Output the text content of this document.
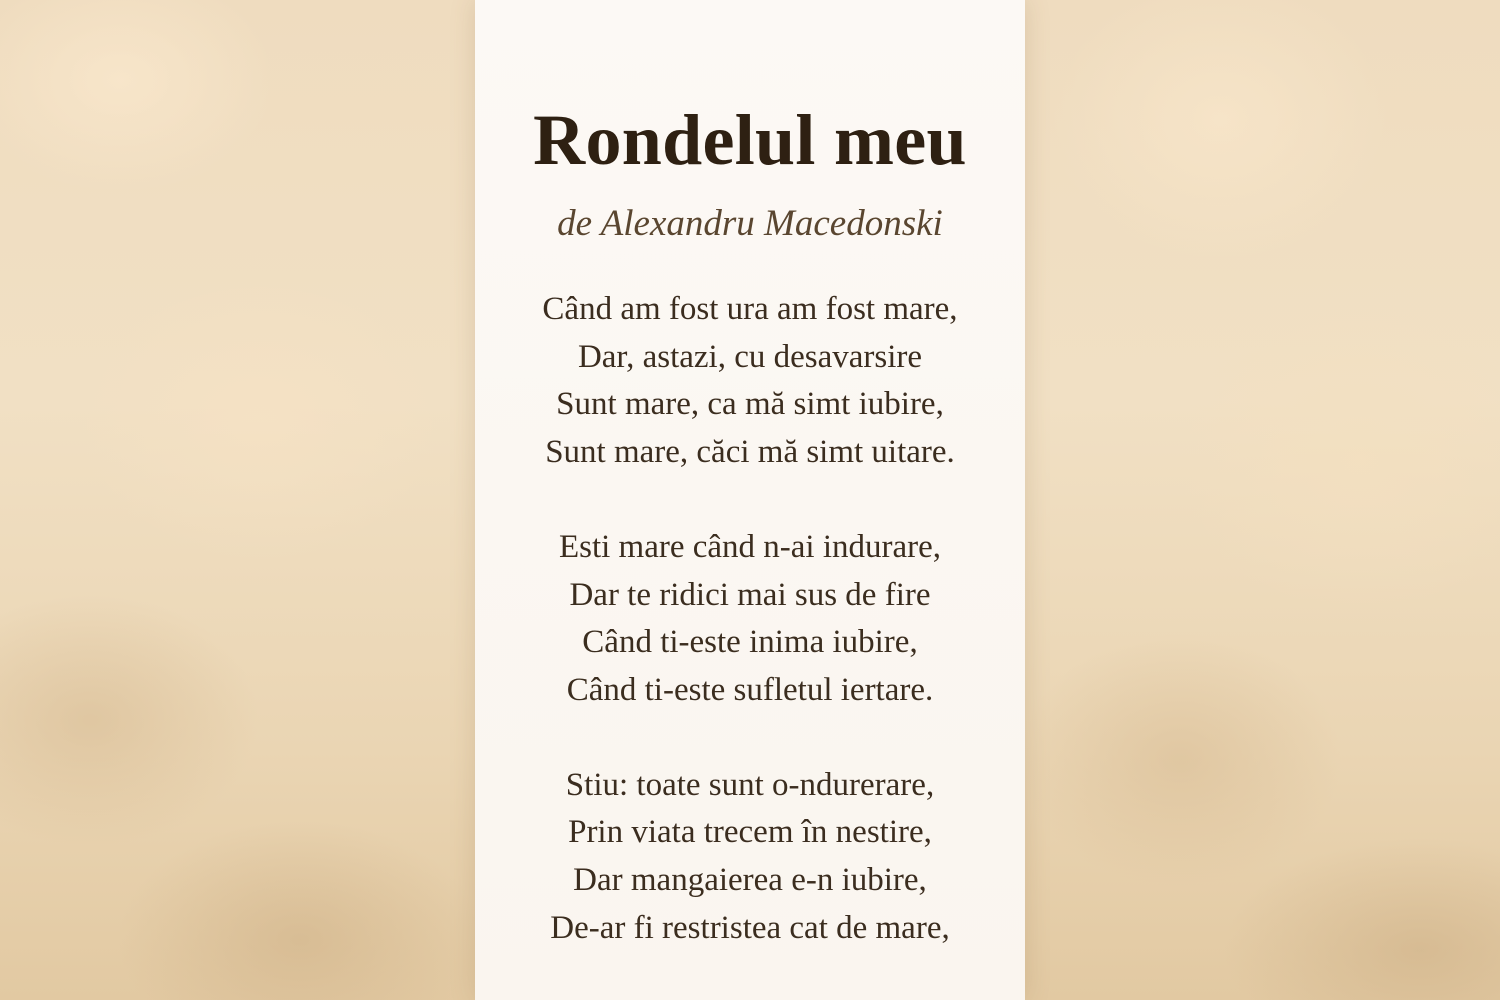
Rondelul meu

de Alexandru Macedonski

Când am fost ura am fost mare,
Dar, astazi, cu desavarsire
Sunt mare, ca mă simt iubire,
Sunt mare, căci mă simt uitare.
Esti mare când n-ai indurare,
Dar te ridici mai sus de fire
Când ti-este inima iubire,
Când ti-este sufletul iertare.
Stiu: toate sunt o-ndurerare,
Prin viata trecem în nestire,
Dar mangaierea e-n iubire,
De-ar fi restristea cat de mare,
